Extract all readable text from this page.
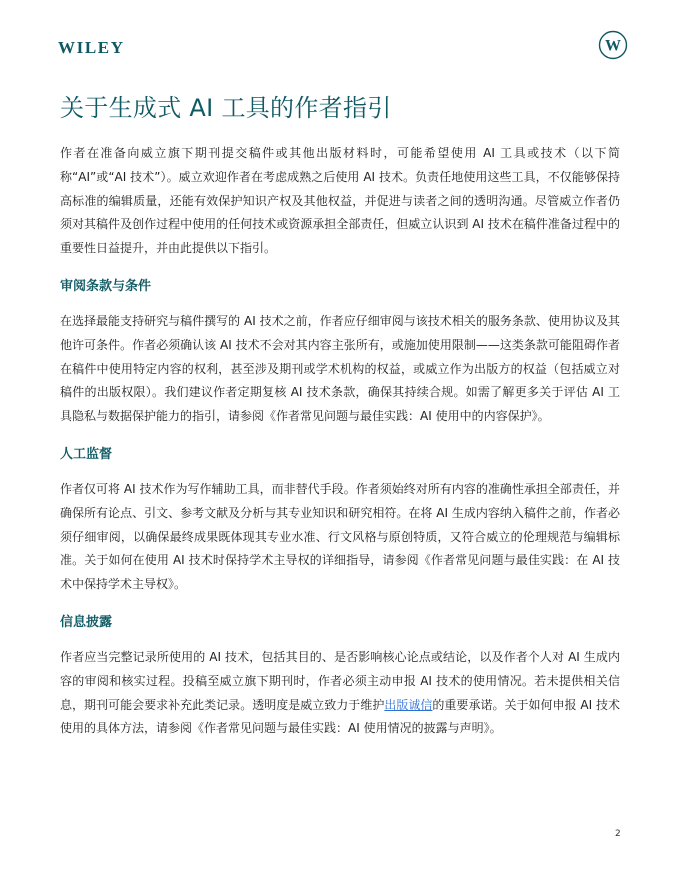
WILEY	W
关于生成式 AI 工具的作者指引

作者在准备向威立旗下期刊提交稿件或其他出版材料时，可能希望使用 AI 工具或技术（以下简称“AI”或“AI 技术”）。威立欢迎作者在考虑成熟之后使用 AI 技术。负责任地使用这些工具，不仅能够保持高标准的编辑质量，还能有效保护知识产权及其他权益，并促进与读者之间的透明沟通。尽管威立作者仍须对其稿件及创作过程中使用的任何技术或资源承担全部责任，但威立认识到 AI 技术在稿件准备过程中的重要性日益提升，并由此提供以下指引。

审阅条款与条件

在选择最能支持研究与稿件撰写的 AI 技术之前，作者应仔细审阅与该技术相关的服务条款、使用协议及其他许可条件。作者必须确认该 AI 技术不会对其内容主张所有，或施加使用限制——这类条款可能阻碍作者在稿件中使用特定内容的权利，甚至涉及期刊或学术机构的权益，或威立作为出版方的权益（包括威立对稿件的出版权限）。我们建议作者定期复核 AI 技术条款，确保其持续合规。如需了解更多关于评估 AI 工具隐私与数据保护能力的指引，请参阅《作者常见问题与最佳实践：AI 使用中的内容保护》。

人工监督

作者仅可将 AI 技术作为写作辅助工具，而非替代手段。作者须始终对所有内容的准确性承担全部责任，并确保所有论点、引文、参考文献及分析与其专业知识和研究相符。在将 AI 生成内容纳入稿件之前，作者必须仔细审阅，以确保最终成果既体现其专业水准、行文风格与原创特质，又符合威立的伦理规范与编辑标准。关于如何在使用 AI 技术时保持学术主导权的详细指导，请参阅《作者常见问题与最佳实践：在 AI 技术中保持学术主导权》。

信息披露

作者应当完整记录所使用的 AI 技术，包括其目的、是否影响核心论点或结论，以及作者个人对 AI 生成内容的审阅和核实过程。投稿至威立旗下期刊时，作者必须主动申报 AI 技术的使用情况。若未提供相关信息，期刊可能会要求补充此类记录。透明度是威立致力于维护出版诚信的重要承诺。关于如何申报 AI 技术使用的具体方法，请参阅《作者常见问题与最佳实践：AI 使用情况的披露与声明》。

2
